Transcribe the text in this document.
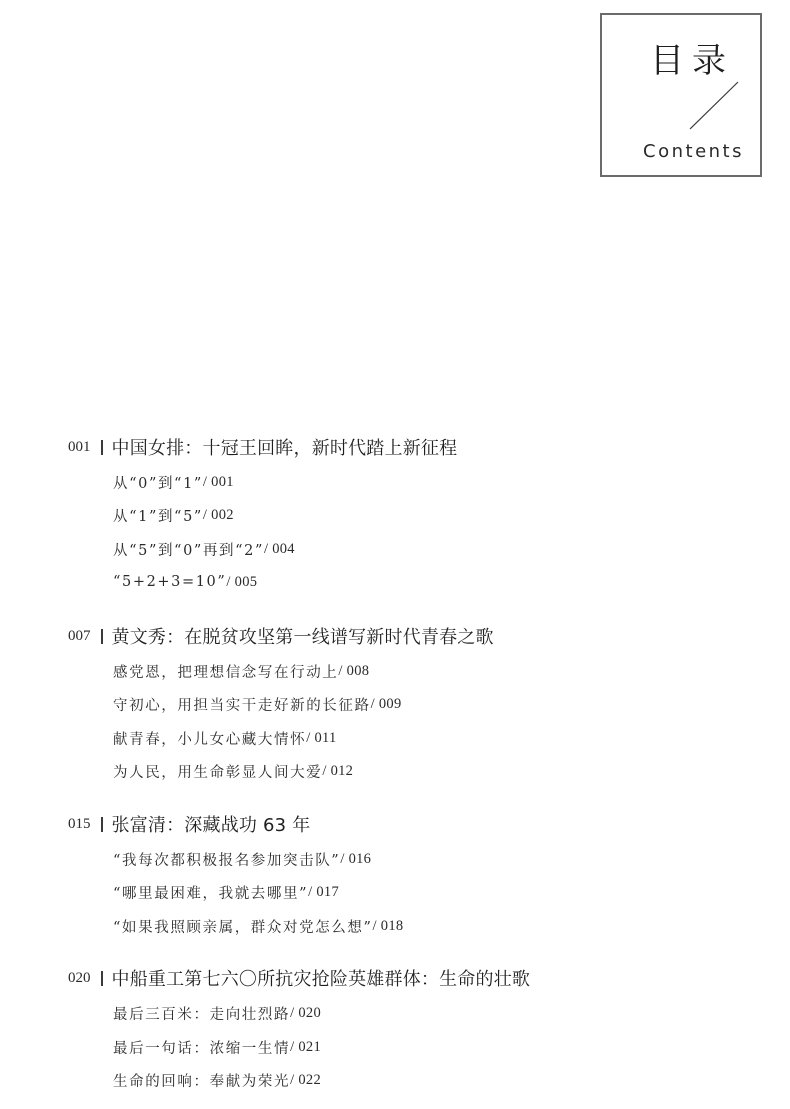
目录
Contents
001 中国女排：十冠王回眸，新时代踏上新征程
从“0”到“1” / 001
从“1”到“5” / 002
从“5”到“0”再到“2” / 004
“5+2+3=10” / 005
007 黄文秀：在脱贫攻坚第一线谱写新时代青春之歌
感党恩，把理想信念写在行动上 / 008
守初心，用担当实干走好新的长征路 / 009
献青春，小儿女心藏大情怀 / 011
为人民，用生命彰显人间大爱 / 012
015 张富清：深藏战功 63 年
“我每次都积极报名参加突击队” / 016
“哪里最困难，我就去哪里” / 017
“如果我照顾亲属，群众对党怎么想” / 018
020 中船重工第七六〇所抗灾抢险英雄群体：生命的壮歌
最后三百米：走向壮烈路 / 020
最后一句话：浓缩一生情 / 021
生命的回响：奉献为荣光 / 022
